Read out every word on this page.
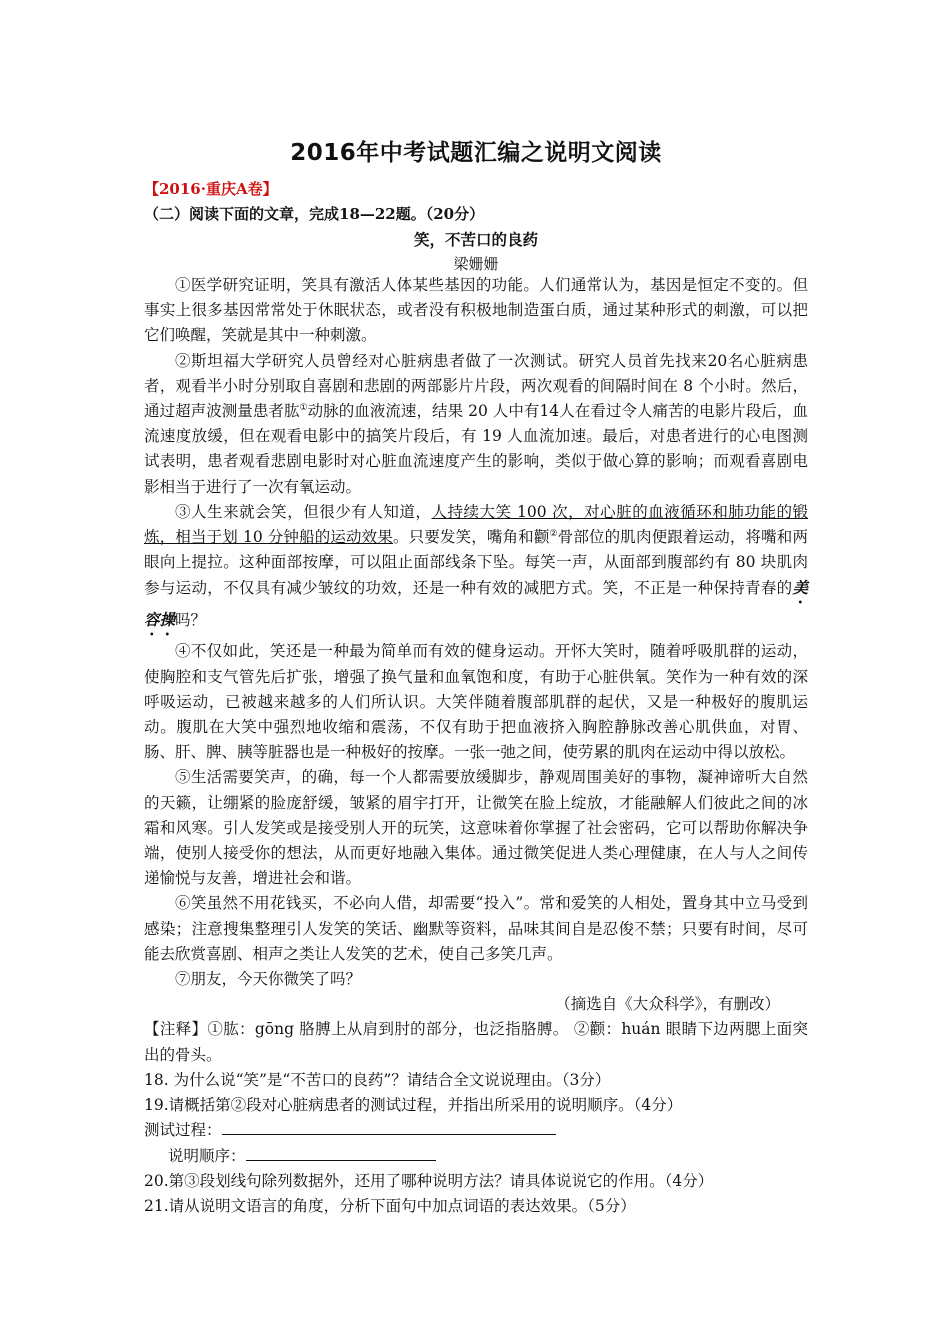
2016年中考试题汇编之说明文阅读
【2016·重庆A卷】
（二）阅读下面的文章，完成18—22题。（20分）
笑，不苦口的良药
梁姗姗

①医学研究证明，笑具有激活人体某些基因的功能。人们通常认为，基因是恒定不变的。但事实上很多基因常常处于休眠状态，或者没有积极地制造蛋白质，通过某种形式的刺激，可以把它们唤醒，笑就是其中一种刺激。

②斯坦福大学研究人员曾经对心脏病患者做了一次测试。研究人员首先找来20名心脏病患者，观看半小时分别取自喜剧和悲剧的两部影片片段，两次观看的间隔时间在 8 个小时。然后，通过超声波测量患者肱①动脉的血液流速，结果 20 人中有14人在看过令人痛苦的电影片段后，血流速度放缓，但在观看电影中的搞笑片段后，有 19 人血流加速。最后，对患者进行的心电图测试表明，患者观看悲剧电影时对心脏血流速度产生的影响，类似于做心算的影响；而观看喜剧电影相当于进行了一次有氧运动。

③人生来就会笑，但很少有人知道，人持续大笑 100 次，对心脏的血液循环和肺功能的锻炼，相当于划 10 分钟船的运动效果。只要发笑，嘴角和颧②骨部位的肌肉便跟着运动，将嘴和两眼向上提拉。这种面部按摩，可以阻止面部线条下坠。每笑一声，从面部到腹部约有 80 块肌肉参与运动，不仅具有减少皱纹的功效，还是一种有效的减肥方式。笑，不正是一种保持青春的美容操吗？

④不仅如此，笑还是一种最为简单而有效的健身运动。开怀大笑时，随着呼吸肌群的运动，使胸腔和支气管先后扩张，增强了换气量和血氧饱和度，有助于心脏供氧。笑作为一种有效的深呼吸运动，已被越来越多的人们所认识。大笑伴随着腹部肌群的起伏，又是一种极好的腹肌运动。腹肌在大笑中强烈地收缩和震荡，不仅有助于把血液挤入胸腔静脉改善心肌供血，对胃、肠、肝、脾、胰等脏器也是一种极好的按摩。一张一弛之间，使劳累的肌肉在运动中得以放松。

⑤生活需要笑声，的确，每一个人都需要放缓脚步，静观周围美好的事物，凝神谛听大自然的天籁，让绷紧的脸庞舒缓，皱紧的眉宇打开，让微笑在脸上绽放，才能融解人们彼此之间的冰霜和风寒。引人发笑或是接受别人开的玩笑，这意味着你掌握了社会密码，它可以帮助你解决争端，使别人接受你的想法，从而更好地融入集体。通过微笑促进人类心理健康，在人与人之间传递愉悦与友善，增进社会和谐。

⑥笑虽然不用花钱买，不必向人借，却需要“投入”。常和爱笑的人相处，置身其中立马受到感染；注意搜集整理引人发笑的笑话、幽默等资料，品味其间自是忍俊不禁；只要有时间，尽可能去欣赏喜剧、相声之类让人发笑的艺术，使自己多笑几声。

⑦朋友，今天你微笑了吗？

（摘选自《大众科学》，有删改）

【注释】①肱：gōng 胳膊上从肩到肘的部分，也泛指胳膊。 ②颧：huán 眼睛下边两腮上面突出的骨头。

18. 为什么说“笑”是“不苦口的良药”？请结合全文说说理由。（3分）

19.请概括第②段对心脏病患者的测试过程，并指出所采用的说明顺序。（4分）

测试过程：

说明顺序：

20.第③段划线句除列数据外，还用了哪种说明方法？请具体说说它的作用。（4分）

21.请从说明文语言的角度，分析下面句中加点词语的表达效果。（5分）
